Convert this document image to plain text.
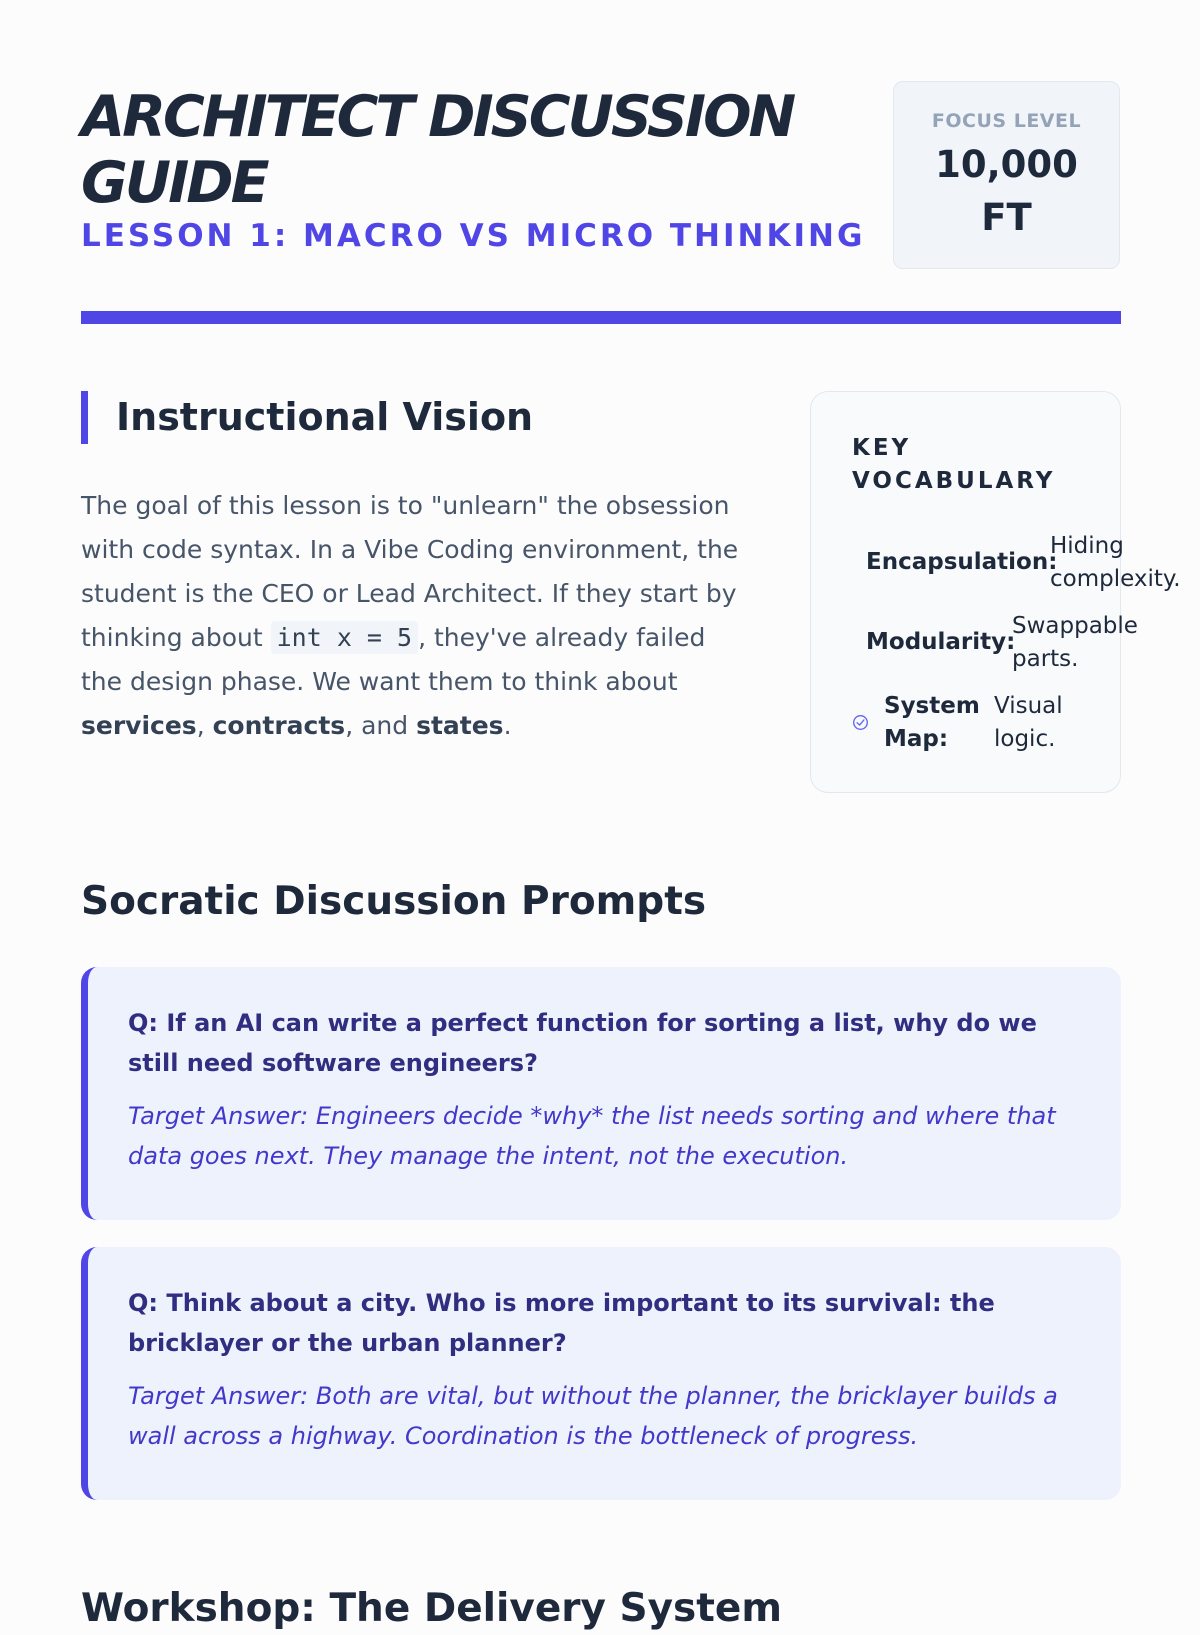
ARCHITECT DISCUSSION GUIDE
LESSON 1: MACRO VS MICRO THINKING
FOCUS LEVEL
10,000 FT
Instructional Vision

The goal of this lesson is to "unlearn" the obsession with code syntax. In a Vibe Coding environment, the student is the CEO or Lead Architect. If they start by thinking about int x = 5 , they've already failed the design phase. We want them to think about services, contracts, and states.

KEY VOCABULARY
Encapsulation:
Hiding complexity.
Modularity:
Swappable parts.
System Map:
Visual logic.
Socratic Discussion Prompts

Q: If an AI can write a perfect function for sorting a list, why do we still need software engineers?

Target Answer: Engineers decide *why* the list needs sorting and where that data goes next. They manage the intent, not the execution.

Q: Think about a city. Who is more important to its survival: the bricklayer or the urban planner?

Target Answer: Both are vital, but without the planner, the bricklayer builds a wall across a highway. Coordination is the bottleneck of progress.

Workshop: The Delivery System
